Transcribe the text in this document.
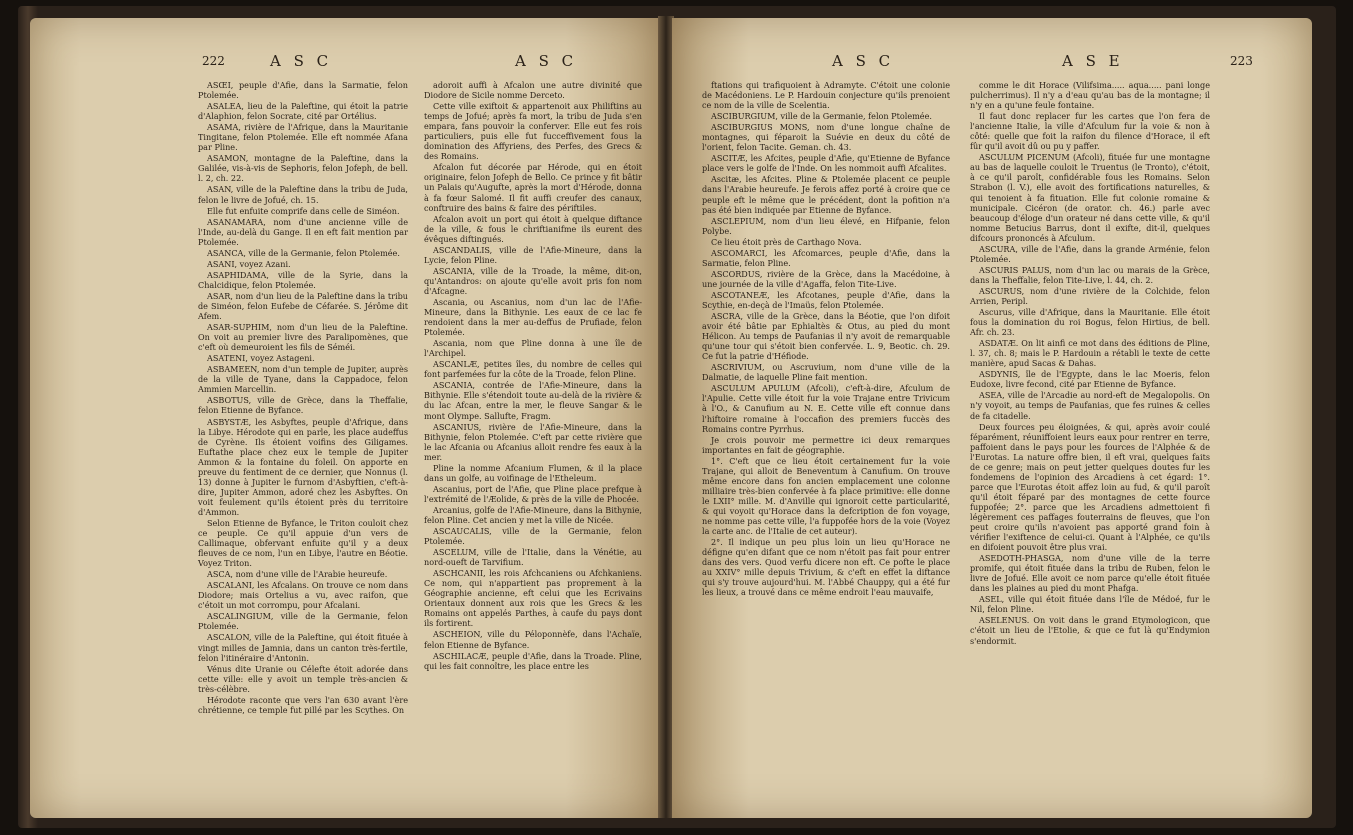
222	A S C	A S C

ASŒI, peuple d'Afie, dans la Sarmatie, felon Ptolemée.

ASALEA, lieu de la Paleftine, qui étoit la patrie d'Alaphion, felon Socrate, cité par Ortélius.

ASAMA, rivière de l'Afrique, dans la Mauritanie Tingitane, felon Ptolemée. Elle eft nommée Afana par Pline.

ASAMON, montagne de la Paleftine, dans la Galilée, vis-à-vis de Sephoris, felon Jofeph, de bell. l. 2, ch. 22.

ASAN, ville de la Paleftine dans la tribu de Juda, felon le livre de Jofué, ch. 15.

Elle fut enfuite comprife dans celle de Siméon.

ASANAMARA, nom d'une ancienne ville de l'Inde, au-delà du Gange. Il en eft fait mention par Ptolemée.

ASANCA, ville de la Germanie, felon Ptolemée.

ASANI, voyez Azani.

ASAPHIDAMA, ville de la Syrie, dans la Chalcidique, felon Ptolemée.

ASAR, nom d'un lieu de la Paleftine dans la tribu de Siméon, felon Eufebe de Céfarée. S. Jérôme dit Afem.

ASAR-SUPHIM, nom d'un lieu de la Paleftine. On voit au premier livre des Paralipomènes, que c'eft où demeuroient les fils de Séméi.

ASATENI, voyez Astageni.

ASBAMEEN, nom d'un temple de Jupiter, auprès de la ville de Tyane, dans la Cappadoce, felon Ammien Marcellin.

ASBOTUS, ville de Grèce, dans la Theffalie, felon Etienne de Byfance.

ASBYSTÆ, les Asbyftes, peuple d'Afrique, dans la Libye. Hérodote qui en parle, les place audeffus de Cyrène. Ils étoient voifins des Giligames. Euftathe place chez eux le temple de Jupiter Ammon & la fontaine du foleil. On apporte en preuve du fentiment de ce dernier, que Nonnus (l. 13) donne à Jupiter le furnom d'Asbyftien, c'eft-à-dire, Jupiter Ammon, adoré chez les Asbyftes. On voit feulement qu'ils étoient près du territoire d'Ammon.

Selon Etienne de Byfance, le Triton couloit chez ce peuple. Ce qu'il appuie d'un vers de Callimaque, obfervant enfuite qu'il y a deux fleuves de ce nom, l'un en Libye, l'autre en Béotie. Voyez Triton.

ASCA, nom d'une ville de l'Arabie heureufe.

ASCALANI, les Afcalans. On trouve ce nom dans Diodore; mais Ortelius a vu, avec raifon, que c'étoit un mot corrompu, pour Afcalani.

ASCALINGIUM, ville de la Germanie, felon Ptolemée.

ASCALON, ville de la Paleftine, qui étoit fituée à vingt milles de Jamnia, dans un canton très-fertile, felon l'itinéraire d'Antonin.

Vénus dite Uranie ou Célefte étoit adorée dans cette ville: elle y avoit un temple très-ancien & très-célèbre.

Hérodote raconte que vers l'an 630 avant l'ère chrétienne, ce temple fut pillé par les Scythes. On

adoroit auffi à Afcalon une autre divinité que Diodore de Sicile nomme Derceto.

Cette ville exiftoit & appartenoit aux Philiftins au temps de Jofué; après fa mort, la tribu de Juda s'en empara, fans pouvoir la conferver. Elle eut fes rois particuliers, puis elle fut fucceffivement fous la domination des Affyriens, des Perfes, des Grecs & des Romains.

Afcalon fut décorée par Hérode, qui en étoit originaire, felon Jofeph de Bello. Ce prince y fit bâtir un Palais qu'Augufte, après la mort d'Hérode, donna à fa fœur Salomé. Il fit auffi creufer des canaux, conftruire des bains & faire des périftiles.

Afcalon avoit un port qui étoit à quelque diftance de la ville, & fous le chriftianifme ils eurent des évêques diftingués.

ASCANDALIS, ville de l'Afie-Mineure, dans la Lycie, felon Pline.

ASCANIA, ville de la Troade, la même, dit-on, qu'Antandros: on ajoute qu'elle avoit pris fon nom d'Afcagne.

Ascania, ou Ascanius, nom d'un lac de l'Afie-Mineure, dans la Bithynie. Les eaux de ce lac fe rendoient dans la mer au-deffus de Prufiade, felon Ptolemée.

Ascania, nom que Pline donna à une île de l'Archipel.

ASCANLÆ, petites îles, du nombre de celles qui font parfemées fur la côte de la Troade, felon Pline.

ASCANIA, contrée de l'Afie-Mineure, dans la Bithynie. Elle s'étendoit toute au-delà de la rivière & du lac Afcan, entre la mer, le fleuve Sangar & le mont Olympe. Sallufte, Fragm.

ASCANIUS, rivière de l'Afie-Mineure, dans la Bithynie, felon Ptolemée. C'eft par cette rivière que le lac Afcania ou Afcanius alloit rendre fes eaux à la mer.

Pline la nomme Afcanium Flumen, & il la place dans un golfe, au voifinage de l'Etheleum.

Ascanius, port de l'Afie, que Pline place prefque à l'extrémité de l'Æolide, & près de la ville de Phocée.

Arcanius, golfe de l'Afie-Mineure, dans la Bithynie, felon Pline. Cet ancien y met la ville de Nicée.

ASCAUCALIS, ville de la Germanie, felon Ptolemée.

ASCELUM, ville de l'Italie, dans la Vénétie, au nord-oueft de Tarvifium.

ASCHCANII, les rois Afchcaniens ou Afchkaniens. Ce nom, qui n'appartient pas proprement à la Géographie ancienne, eft celui que les Ecrivains Orientaux donnent aux rois que les Grecs & les Romains ont appelés Parthes, à caufe du pays dont ils fortirent.

ASCHEION, ville du Péloponnèfe, dans l'Achaïe, felon Etienne de Byfance.

ASCHILACÆ, peuple d'Afie, dans la Troade. Pline, qui les fait connoître, les place entre les

A S C	A S E	223

ftations qui trafiquoient à Adramyte. C'étoit une colonie de Macédoniens. Le P. Hardouin conjecture qu'ils prenoient ce nom de la ville de Scelentia.

ASCIBURGIUM, ville de la Germanie, felon Ptolemée.

ASCIBURGIUS MONS, nom d'une longue chaîne de montagnes, qui féparoit la Suévie en deux du côté de l'orient, felon Tacite. Geman. ch. 43.

ASCITÆ, les Afcites, peuple d'Afie, qu'Etienne de Byfance place vers le golfe de l'Inde. On les nommoit auffi Afcalites.

Ascitæ, les Afcites. Pline & Ptolemée placent ce peuple dans l'Arabie heureufe. Je ferois affez porté à croire que ce peuple eft le même que le précédent, dont la pofition n'a pas été bien indiquée par Etienne de Byfance.

ASCLEPIUM, nom d'un lieu élevé, en Hifpanie, felon Polybe.

Ce lieu étoit près de Carthago Nova.

ASCOMARCI, les Afcomarces, peuple d'Afie, dans la Sarmatie, felon Pline.

ASCORDUS, rivière de la Grèce, dans la Macédoine, à une journée de la ville d'Agaffa, felon Tite-Live.

ASCOTANEÆ, les Afcotanes, peuple d'Afie, dans la Scythie, en-deçà de l'Imaüs, felon Ptolemée.

ASCRA, ville de la Grèce, dans la Béotie, que l'on difoit avoir été bâtie par Ephialtès & Otus, au pied du mont Hélicon. Au temps de Paufanias il n'y avoit de remarquable qu'une tour qui s'étoit bien confervée. L. 9, Beotic. ch. 29. Ce fut la patrie d'Héfiode.

ASCRIVIUM, ou Ascruvium, nom d'une ville de la Dalmatie, de laquelle Pline fait mention.

ASCULUM APULUM (Afcoli), c'eft-à-dire, Afculum de l'Apulie. Cette ville étoit fur la voie Trajane entre Trivicum à l'O., & Canufium au N. E. Cette ville eft connue dans l'hiftoire romaine à l'occafion des premiers fuccès des Romains contre Pyrrhus.

Je crois pouvoir me permettre ici deux remarques importantes en fait de géographie.

1°. C'eft que ce lieu étoit certainement fur la voie Trajane, qui alloit de Beneventum à Canufium. On trouve même encore dans fon ancien emplacement une colonne milliaire très-bien confervée à fa place primitive: elle donne le LXII° mille. M. d'Anville qui ignoroit cette particularité, & qui voyoit qu'Horace dans la defcription de fon voyage, ne nomme pas cette ville, l'a fuppofée hors de la voie (Voyez la carte anc. de l'Italie de cet auteur).

2°. Il indique un peu plus loin un lieu qu'Horace ne défigne qu'en difant que ce nom n'étoit pas fait pour entrer dans des vers. Quod verfu dicere non eft. Ce pofte le place au XXIV° mille depuis Trivium, & c'eft en effet la diftance qui s'y trouve aujourd'hui. M. l'Abbé Chauppy, qui a été fur les lieux, a trouvé dans ce même endroit l'eau mauvaife,

comme le dit Horace (Vilifsima..... aqua..... pani longe pulcherrimus). Il n'y a d'eau qu'au bas de la montagne; il n'y en a qu'une feule fontaine.

Il faut donc replacer fur les cartes que l'on fera de l'ancienne Italie, la ville d'Afculum fur la voie & non à côté: quelle que foit la raifon du filence d'Horace, il eft fûr qu'il avoit dû ou pu y paffer.

ASCULUM PICENUM (Afcoli), fituée fur une montagne au bas de laquelle couloit le Truentus (le Tronto), c'étoit, à ce qu'il paroît, confidérable fous les Romains. Selon Strabon (l. V.), elle avoit des fortifications naturelles, & qui tenoient à fa fituation. Elle fut colonie romaine & municipale. Cicéron (de orator. ch. 46.) parle avec beaucoup d'éloge d'un orateur né dans cette ville, & qu'il nomme Betucius Barrus, dont il exifte, dit-il, quelques difcours prononcés à Afculum.

ASCURA, ville de l'Afie, dans la grande Arménie, felon Ptolemée.

ASCURIS PALUS, nom d'un lac ou marais de la Grèce, dans la Theffalie, felon Tite-Live, l. 44, ch. 2.

ASCURUS, nom d'une rivière de la Colchide, felon Arrien, Peripl.

Ascurus, ville d'Afrique, dans la Mauritanie. Elle étoit fous la domination du roi Bogus, felon Hirtius, de bell. Afr. ch. 23.

ASDATÆ. On lit ainfi ce mot dans des éditions de Pline, l. 37, ch. 8; mais le P. Hardouin a rétabli le texte de cette manière, apud Sacas & Dahas.

ASDYNIS, île de l'Egypte, dans le lac Moeris, felon Eudoxe, livre fecond, cité par Etienne de Byfance.

ASEA, ville de l'Arcadie au nord-eft de Megalopolis. On n'y voyoit, au temps de Paufanias, que fes ruines & celles de fa citadelle.

Deux fources peu éloignées, & qui, après avoir coulé féparément, réuniffoient leurs eaux pour rentrer en terre, paffoient dans le pays pour les fources de l'Alphée & de l'Eurotas. La nature offre bien, il eft vrai, quelques faits de ce genre; mais on peut jetter quelques doutes fur les fondemens de l'opinion des Arcadiens à cet égard: 1°. parce que l'Eurotas étoit affez loin au fud, & qu'il paroît qu'il étoit féparé par des montagnes de cette fource fuppofée; 2°. parce que les Arcadiens admettoient fi légèrement ces paffages fouterrains de fleuves, que l'on peut croire qu'ils n'avoient pas apporté grand foin à vérifier l'exiftence de celui-ci. Quant à l'Alphée, ce qu'ils en difoient pouvoit être plus vrai.

ASEDOTH-PHASGA, nom d'une ville de la terre promife, qui étoit fituée dans la tribu de Ruben, felon le livre de Jofué. Elle avoit ce nom parce qu'elle étoit fituée dans les plaines au pied du mont Phafga.

ASEL, ville qui étoit fituée dans l'île de Médoé, fur le Nil, felon Pline.

ASELENUS. On voit dans le grand Etymologicon, que c'étoit un lieu de l'Etolie, & que ce fut là qu'Endymion s'endormit.
